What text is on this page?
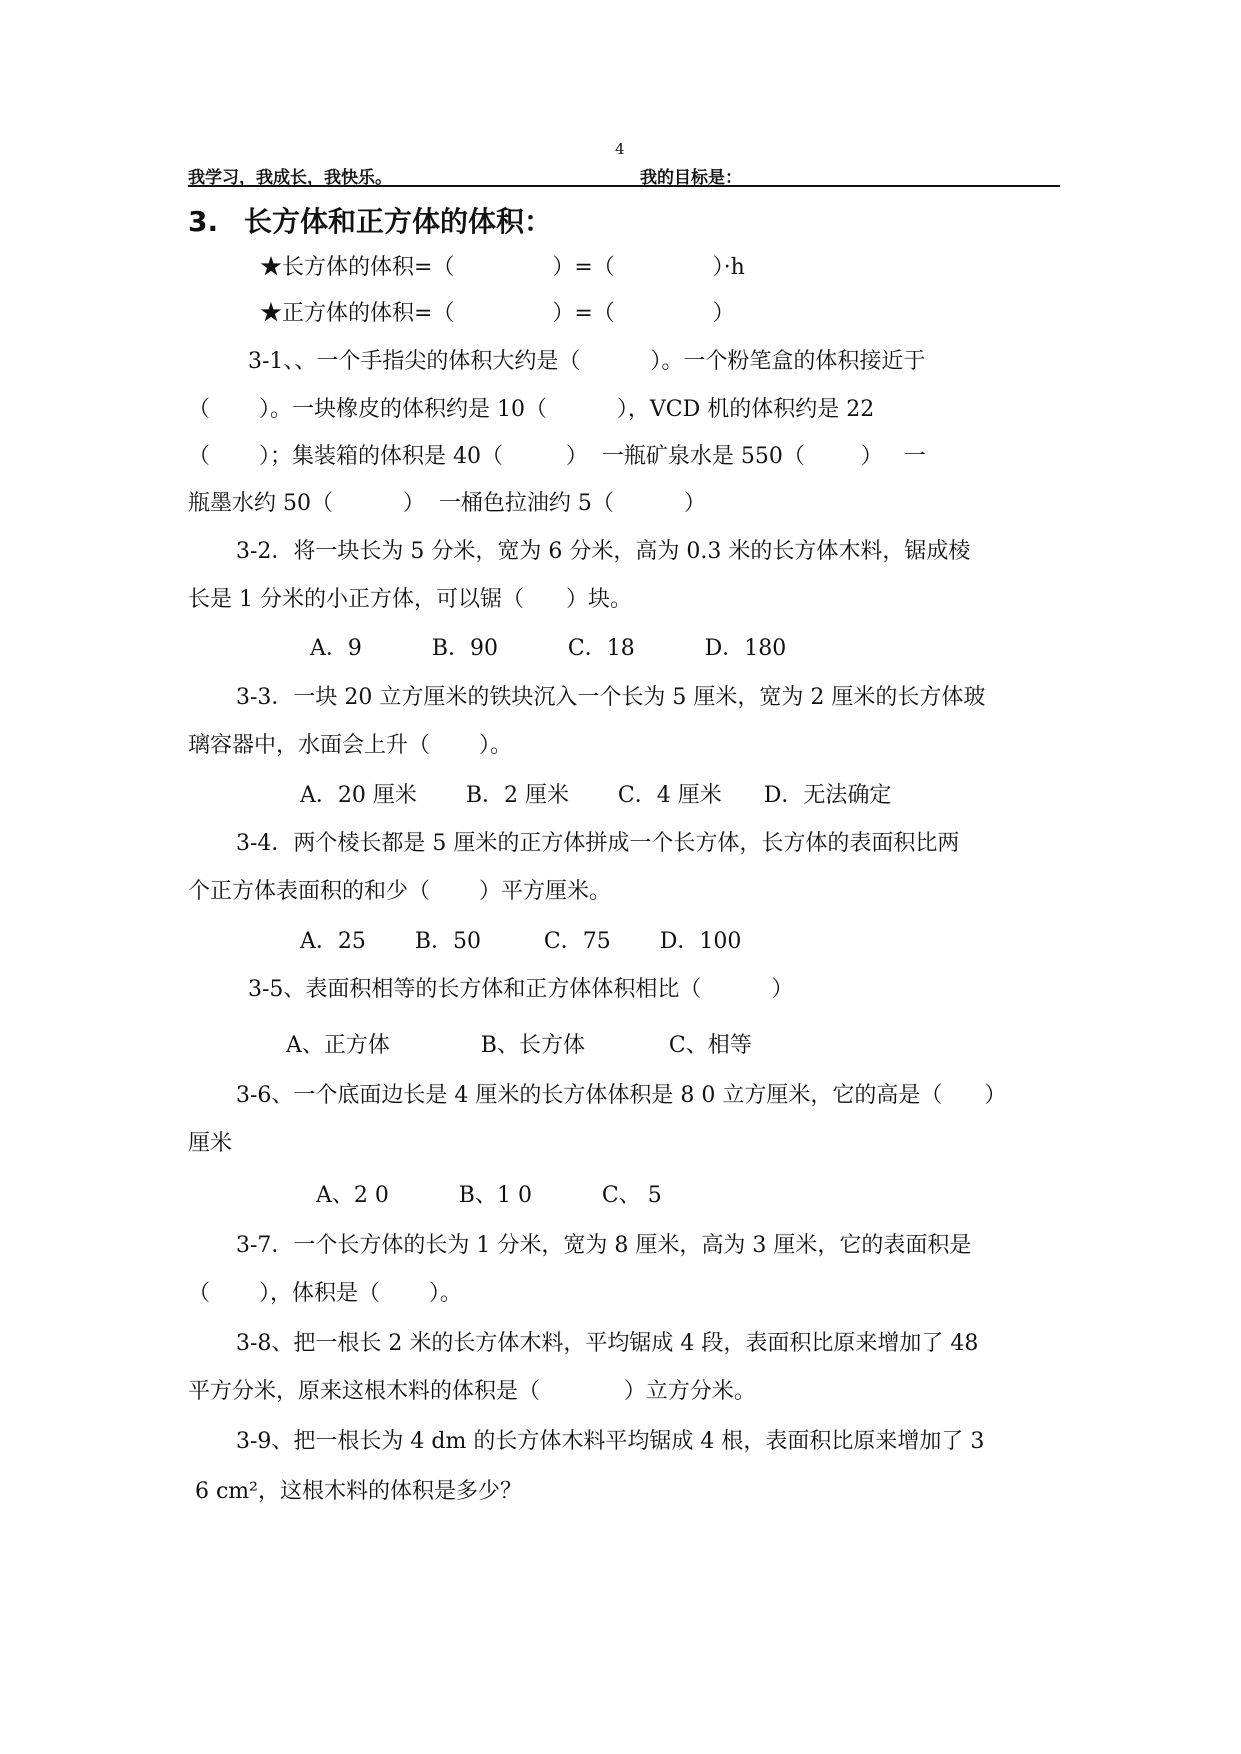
4
我学习，我成长，我快乐。	我的目标是：
3. 长方体和正方体的体积：
★长方体的体积=（              ）=（              ）·h
★正方体的体积=（              ）=（              ）
3-1、、一个手指尖的体积大约是（          ）。一个粉笔盒的体积接近于
（       ）。一块橡皮的体积约是 10（          ），VCD 机的体积约是 22
（       ）；集装箱的体积是 40（         ）  一瓶矿泉水是 550（        ）   一
瓶墨水约 50（          ）  一桶色拉油约 5（          ）
3-2．将一块长为 5 分米，宽为 6 分米，高为 0.3 米的长方体木料，锯成棱
长是 1 分米的小正方体，可以锯（      ）块。
A．9          B．90          C．18          D．180
3-3．一块 20 立方厘米的铁块沉入一个长为 5 厘米，宽为 2 厘米的长方体玻
璃容器中，水面会上升（       ）。
A．20 厘米       B．2 厘米       C．4 厘米      D．无法确定
3-4．两个棱长都是 5 厘米的正方体拼成一个长方体，长方体的表面积比两
个正方体表面积的和少（       ）平方厘米。
A．25       B．50         C．75       D．100
3-5、表面积相等的长方体和正方体体积相比（          ）
A、正方体             B、长方体            C、相等
3-6、一个底面边长是 4 厘米的长方体体积是 8 0 立方厘米，它的高是（      ）
厘米
A、2 0          B、1 0          C、 5
3-7．一个长方体的长为 1 分米，宽为 8 厘米，高为 3 厘米，它的表面积是
（       ），体积是（       ）。
3-8、把一根长 2 米的长方体木料，平均锯成 4 段，表面积比原来增加了 48
平方分米，原来这根木料的体积是（            ）立方分米。
3-9、把一根长为 4 dm 的长方体木料平均锯成 4 根，表面积比原来增加了 3
6 cm²，这根木料的体积是多少？
